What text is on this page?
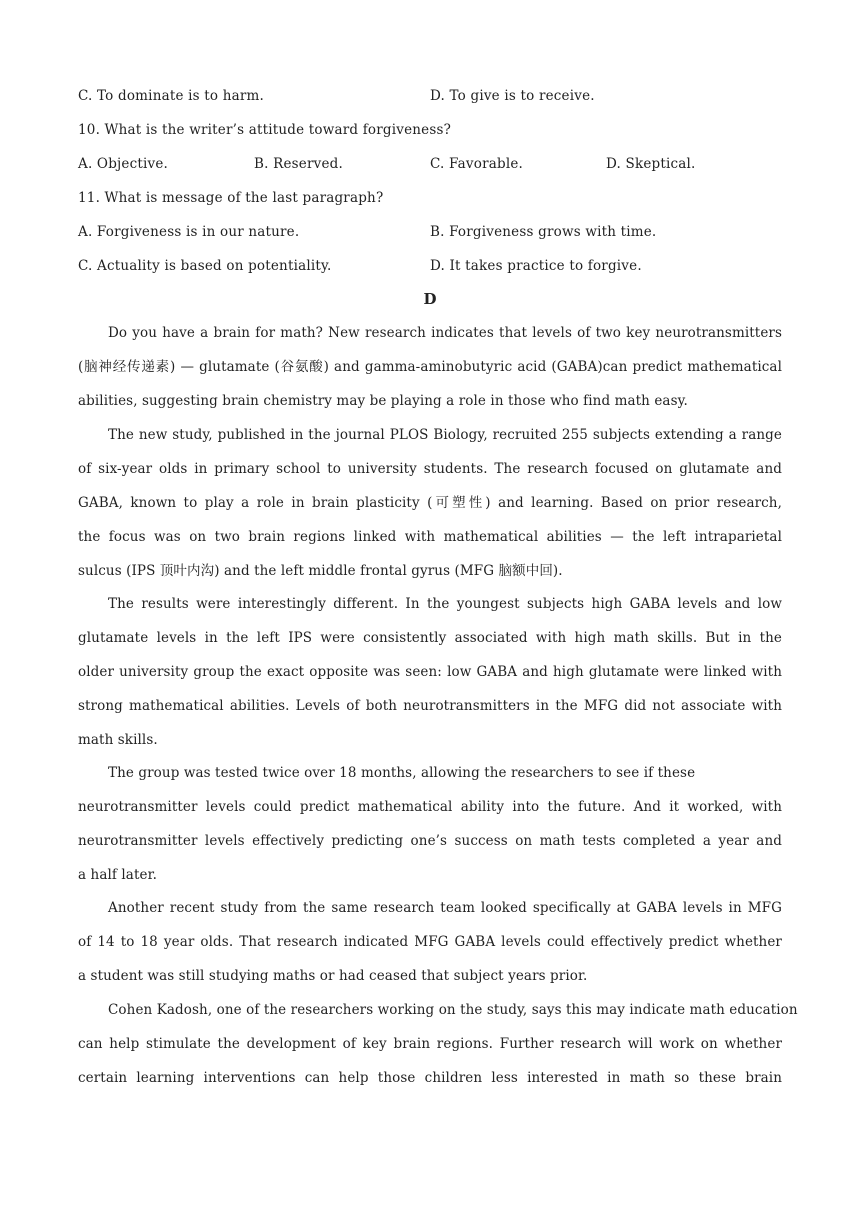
C. To dominate is to harm.	D. To give is to receive.
10. What is the writer’s attitude toward forgiveness?
A. Objective.	B. Reserved.	C. Favorable.	D. Skeptical.
11. What is message of the last paragraph?
A. Forgiveness is in our nature.	B. Forgiveness grows with time.
C. Actuality is based on potentiality.	D. It takes practice to forgive.
D
Do you have a brain for math? New research indicates that levels of two key neurotransmitters
(脑神经传递素) — glutamate (谷氨酸) and gamma-aminobutyric acid (GABA)can predict mathematical
abilities, suggesting brain chemistry may be playing a role in those who find math easy.
The new study, published in the journal PLOS Biology, recruited 255 subjects extending a range
of six-year olds in primary school to university students. The research focused on glutamate and
GABA, known to play a role in brain plasticity (可塑性) and learning. Based on prior research,
the focus was on two brain regions linked with mathematical abilities — the left intraparietal
sulcus (IPS 顶叶内沟) and the left middle frontal gyrus (MFG 脑额中回).
The results were interestingly different. In the youngest subjects high GABA levels and low
glutamate levels in the left IPS were consistently associated with high math skills. But in the
older university group the exact opposite was seen: low GABA and high glutamate were linked with
strong mathematical abilities. Levels of both neurotransmitters in the MFG did not associate with
math skills.
The group was tested twice over 18 months, allowing the researchers to see if these
neurotransmitter levels could predict mathematical ability into the future. And it worked, with
neurotransmitter levels effectively predicting one’s success on math tests completed a year and
a half later.
Another recent study from the same research team looked specifically at GABA levels in MFG
of 14 to 18 year olds. That research indicated MFG GABA levels could effectively predict whether
a student was still studying maths or had ceased that subject years prior.
Cohen Kadosh, one of the researchers working on the study, says this may indicate math education
can help stimulate the development of key brain regions. Further research will work on whether
certain learning interventions can help those children less interested in math so these brain
